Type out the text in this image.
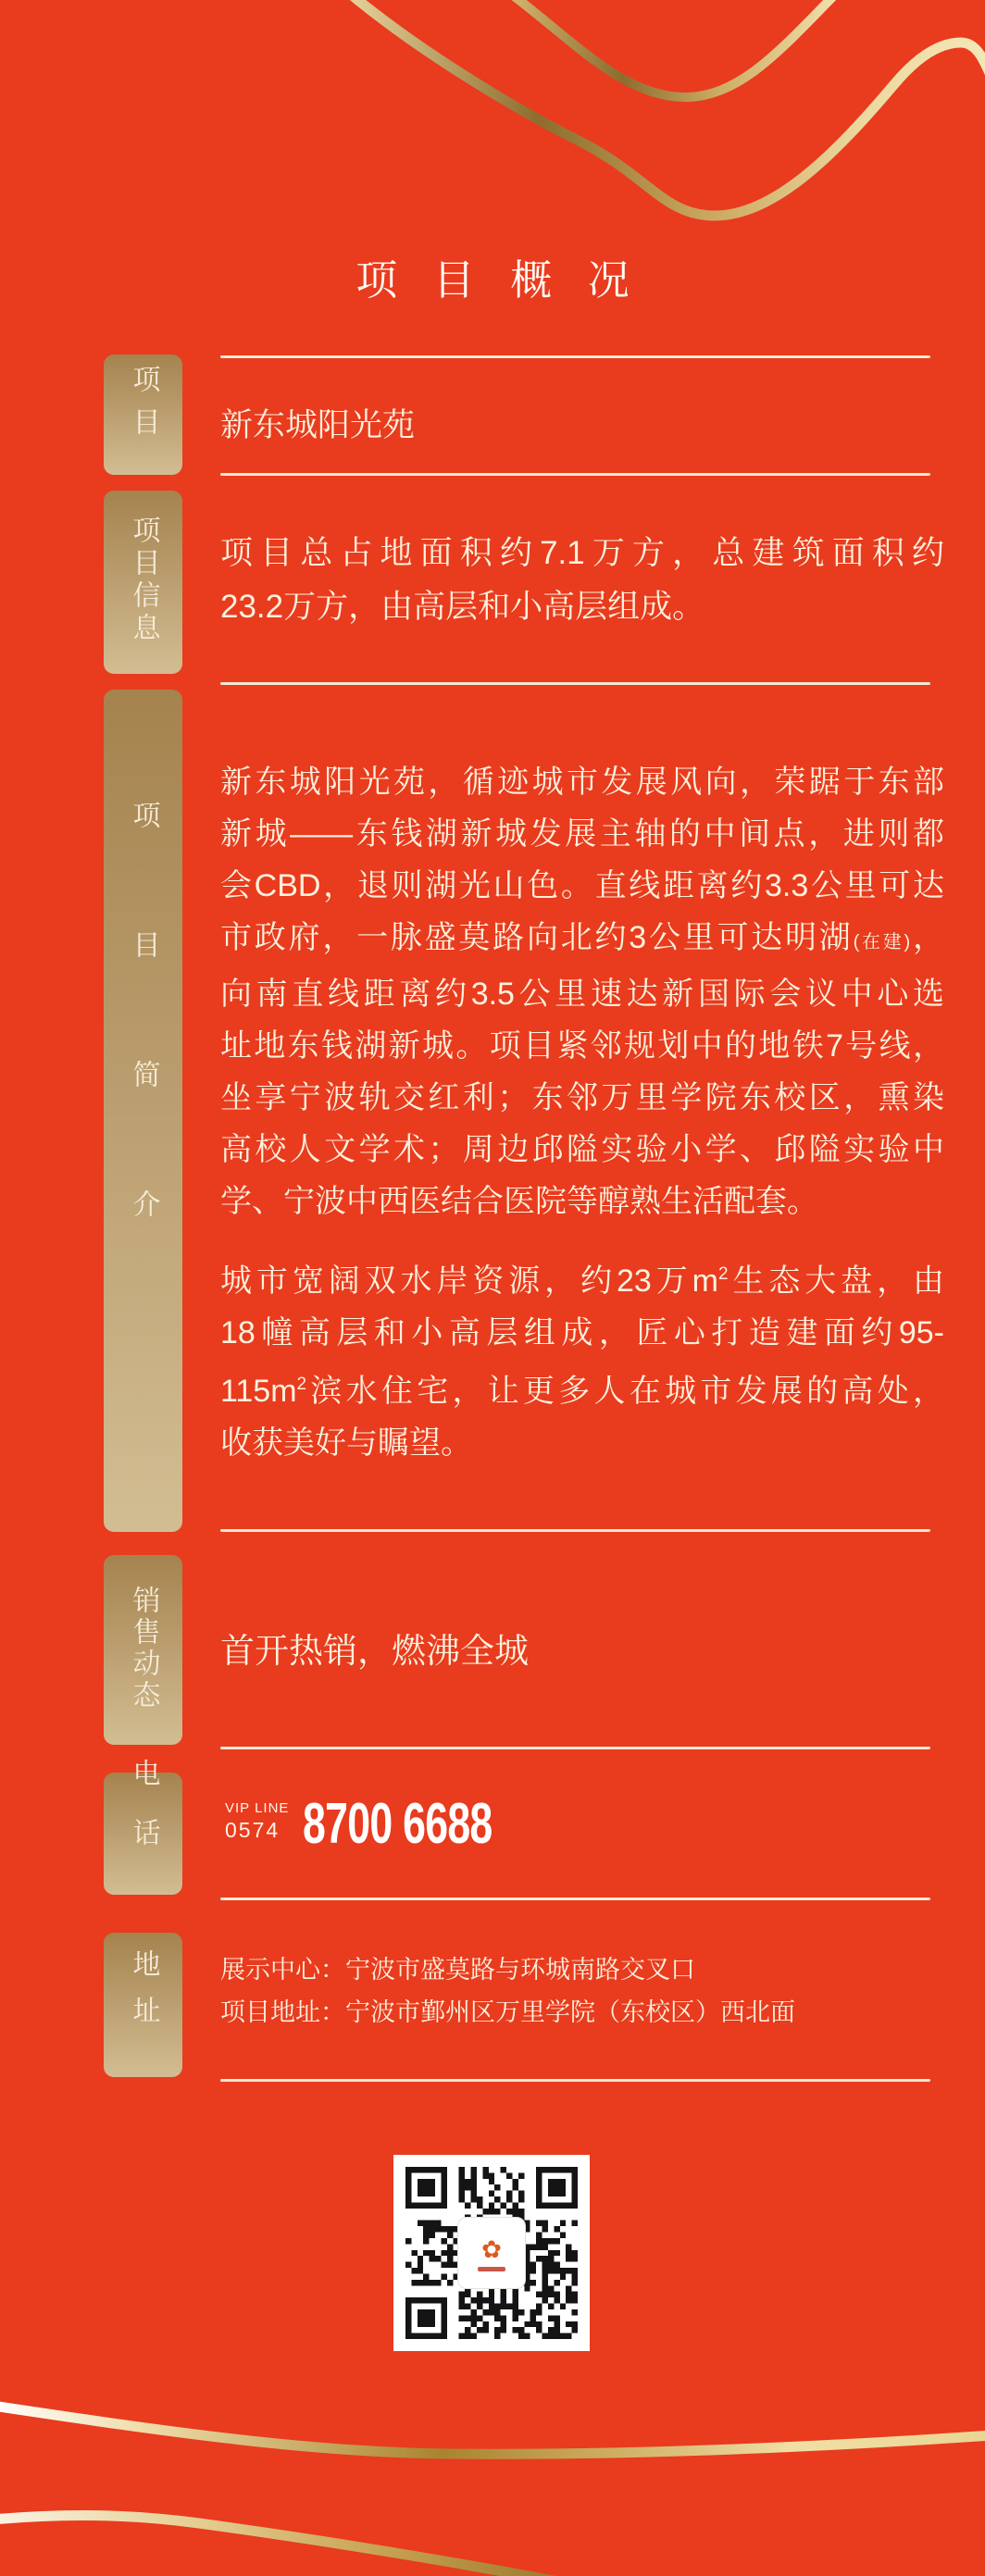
项 目 概 况
项目
项目信息
项目简介
销售动态
电话
地址
新东城阳光苑
项目总占地面积约7.1万方，总建筑面积约
23.2万方，由高层和小高层组成。
新东城阳光苑，循迹城市发展风向，荣踞于东部
新城——东钱湖新城发展主轴的中间点，进则都
会CBD，退则湖光山色。直线距离约3.3公里可达
市政府，一脉盛莫路向北约3公里可达明湖(在建)，
向南直线距离约3.5公里速达新国际会议中心选
址地东钱湖新城。项目紧邻规划中的地铁7号线，
坐享宁波轨交红利；东邻万里学院东校区，熏染
高校人文学术；周边邱隘实验小学、邱隘实验中
学、宁波中西医结合医院等醇熟生活配套。
城市宽阔双水岸资源，约23万$m^2$生态大盘，由
18幢高层和小高层组成，匠心打造建面约95-
$115m^2$滨水住宅，让更多人在城市发展的高处，
收获美好与瞩望。
首开热销，燃沸全城
VIP LINE
0574 8700 6688
展示中心：宁波市盛莫路与环城南路交叉口
项目地址：宁波市鄞州区万里学院（东校区）西北面
✿
